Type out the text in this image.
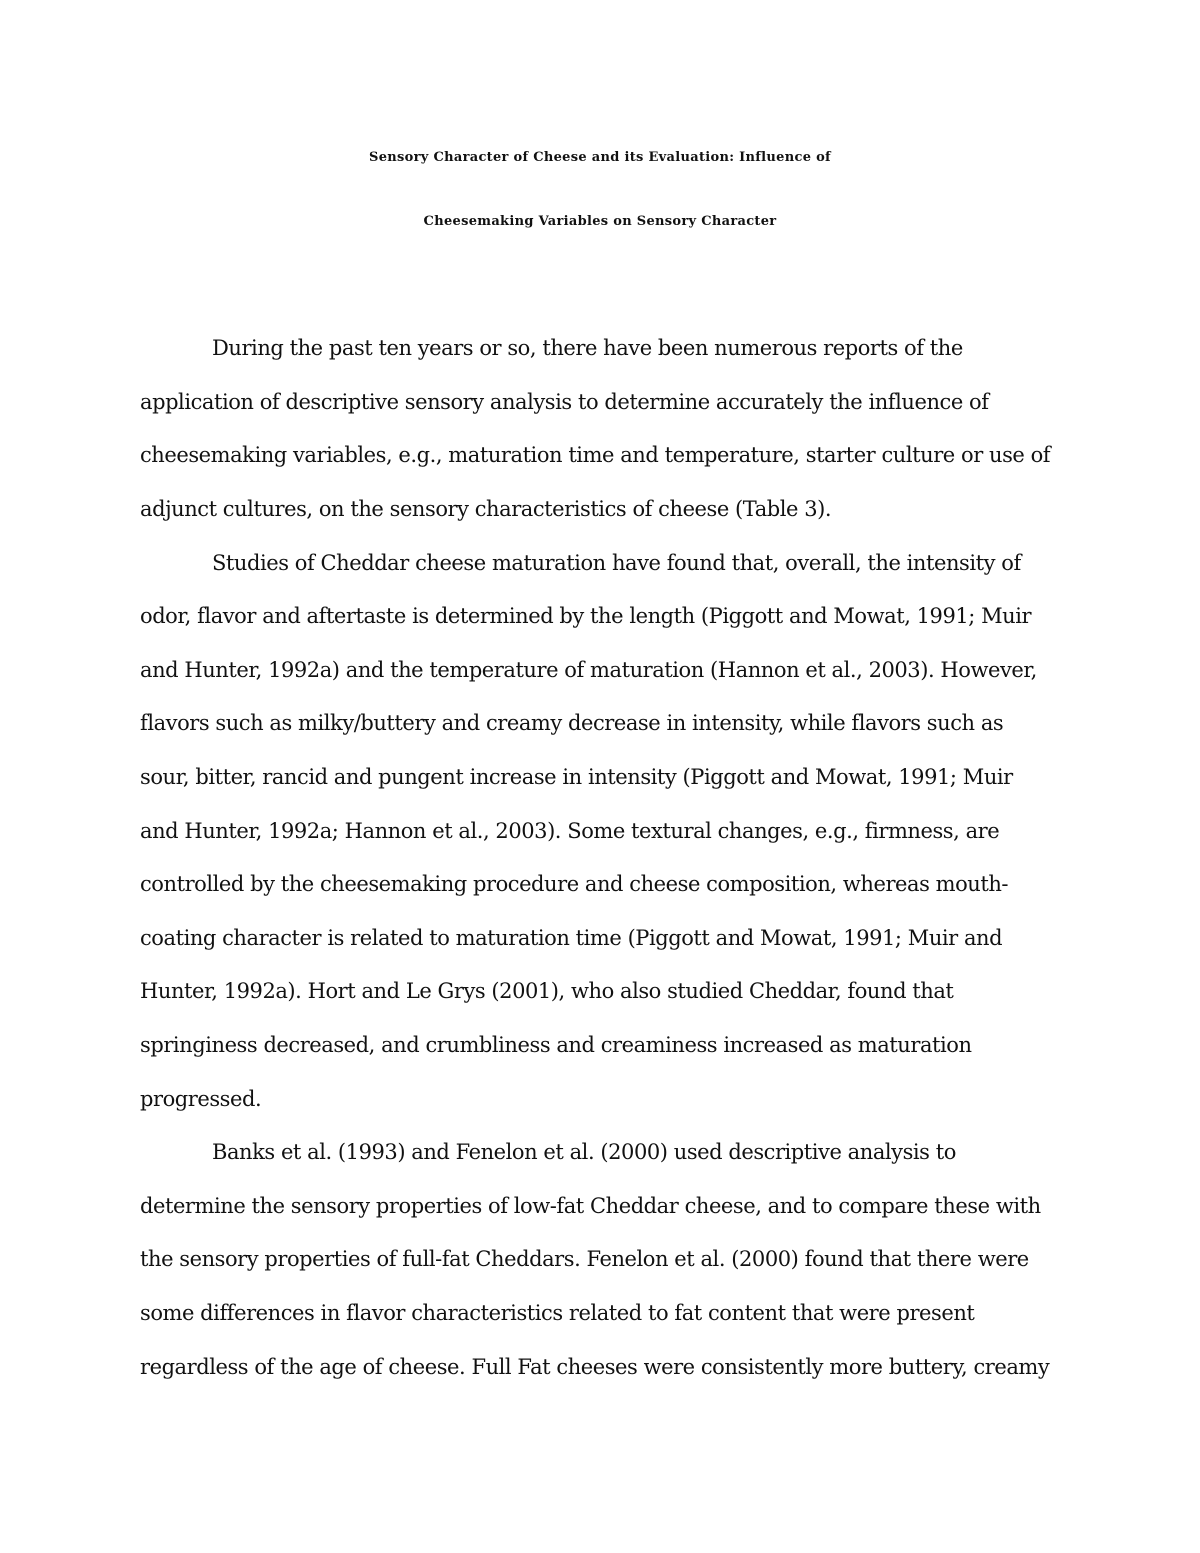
Sensory Character of Cheese and its Evaluation: Influence of
Cheesemaking Variables on Sensory Character
During the past ten years or so, there have been numerous reports of the
application of descriptive sensory analysis to determine accurately the influence of
cheesemaking variables, e.g., maturation time and temperature, starter culture or use of
adjunct cultures, on the sensory characteristics of cheese (Table 3).
Studies of Cheddar cheese maturation have found that, overall, the intensity of
odor, flavor and aftertaste is determined by the length (Piggott and Mowat, 1991; Muir
and Hunter, 1992a) and the temperature of maturation (Hannon et al., 2003). However,
flavors such as milky/buttery and creamy decrease in intensity, while flavors such as
sour, bitter, rancid and pungent increase in intensity (Piggott and Mowat, 1991; Muir
and Hunter, 1992a; Hannon et al., 2003). Some textural changes, e.g., firmness, are
controlled by the cheesemaking procedure and cheese composition, whereas mouth-
coating character is related to maturation time (Piggott and Mowat, 1991; Muir and
Hunter, 1992a). Hort and Le Grys (2001), who also studied Cheddar, found that
springiness decreased, and crumbliness and creaminess increased as maturation
progressed.
Banks et al. (1993) and Fenelon et al. (2000) used descriptive analysis to
determine the sensory properties of low-fat Cheddar cheese, and to compare these with
the sensory properties of full-fat Cheddars. Fenelon et al. (2000) found that there were
some differences in flavor characteristics related to fat content that were present
regardless of the age of cheese. Full Fat cheeses were consistently more buttery, creamy
